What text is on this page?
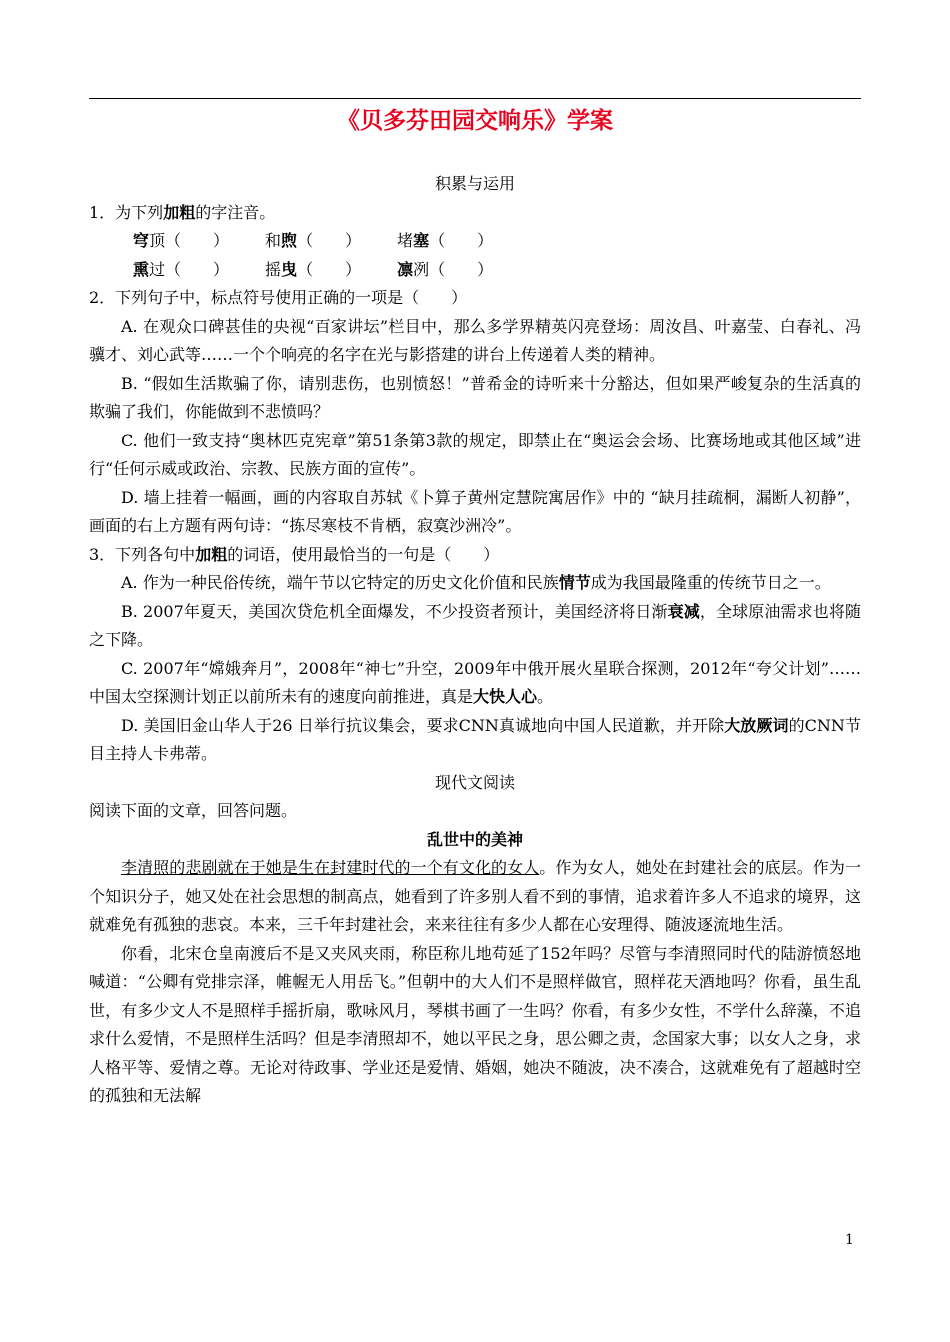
《贝多芬田园交响乐》学案

积累与运用

1．为下列加粗的字注音。

穹顶（　　） 和煦（　　） 堵塞（　　）

熏过（　　） 摇曳（　　） 凛冽（　　）

2．下列句子中，标点符号使用正确的一项是（　　）

A. 在观众口碑甚佳的央视“百家讲坛”栏目中，那么多学界精英闪亮登场：周汝昌、叶嘉莹、白春礼、冯骥才、刘心武等……一个个响亮的名字在光与影搭建的讲台上传递着人类的精神。

B. “假如生活欺骗了你，请别悲伤，也别愤怒！”普希金的诗听来十分豁达，但如果严峻复杂的生活真的欺骗了我们，你能做到不悲愤吗？

C. 他们一致支持“奥林匹克宪章”第51条第3款的规定，即禁止在“奥运会会场、比赛场地或其他区域”进行“任何示威或政治、宗教、民族方面的宣传”。

D. 墙上挂着一幅画，画的内容取自苏轼《卜算子黄州定慧院寓居作》中的 “缺月挂疏桐，漏断人初静”，画面的右上方题有两句诗：“拣尽寒枝不肯栖，寂寞沙洲冷”。

3．下列各句中加粗的词语，使用最恰当的一句是（　　）

A. 作为一种民俗传统，端午节以它特定的历史文化价值和民族情节成为我国最隆重的传统节日之一。

B. 2007年夏天，美国次贷危机全面爆发，不少投资者预计，美国经济将日渐衰减，全球原油需求也将随之下降。

C. 2007年“嫦娥奔月”，2008年“神七”升空，2009年中俄开展火星联合探测，2012年“夸父计划”……中国太空探测计划正以前所未有的速度向前推进，真是大快人心。

D. 美国旧金山华人于26 日举行抗议集会，要求CNN真诚地向中国人民道歉，并开除大放厥词的CNN节目主持人卡弗蒂。

现代文阅读

阅读下面的文章，回答问题。

乱世中的美神

李清照的悲剧就在于她是生在封建时代的一个有文化的女人。作为女人，她处在封建社会的底层。作为一个知识分子，她又处在社会思想的制高点，她看到了许多别人看不到的事情，追求着许多人不追求的境界，这就难免有孤独的悲哀。本来，三千年封建社会，来来往往有多少人都在心安理得、随波逐流地生活。

你看，北宋仓皇南渡后不是又夹风夹雨，称臣称儿地苟延了152年吗？尽管与李清照同时代的陆游愤怒地喊道：“公卿有党排宗泽，帷幄无人用岳飞。”但朝中的大人们不是照样做官，照样花天酒地吗？你看，虽生乱世，有多少文人不是照样手摇折扇，歌咏风月，琴棋书画了一生吗？你看，有多少女性，不学什么辞藻，不追求什么爱情，不是照样生活吗？但是李清照却不，她以平民之身，思公卿之责，念国家大事；以女人之身，求人格平等、爱情之尊。无论对待政事、学业还是爱情、婚姻，她决不随波，决不凑合，这就难免有了超越时空的孤独和无法解

1
